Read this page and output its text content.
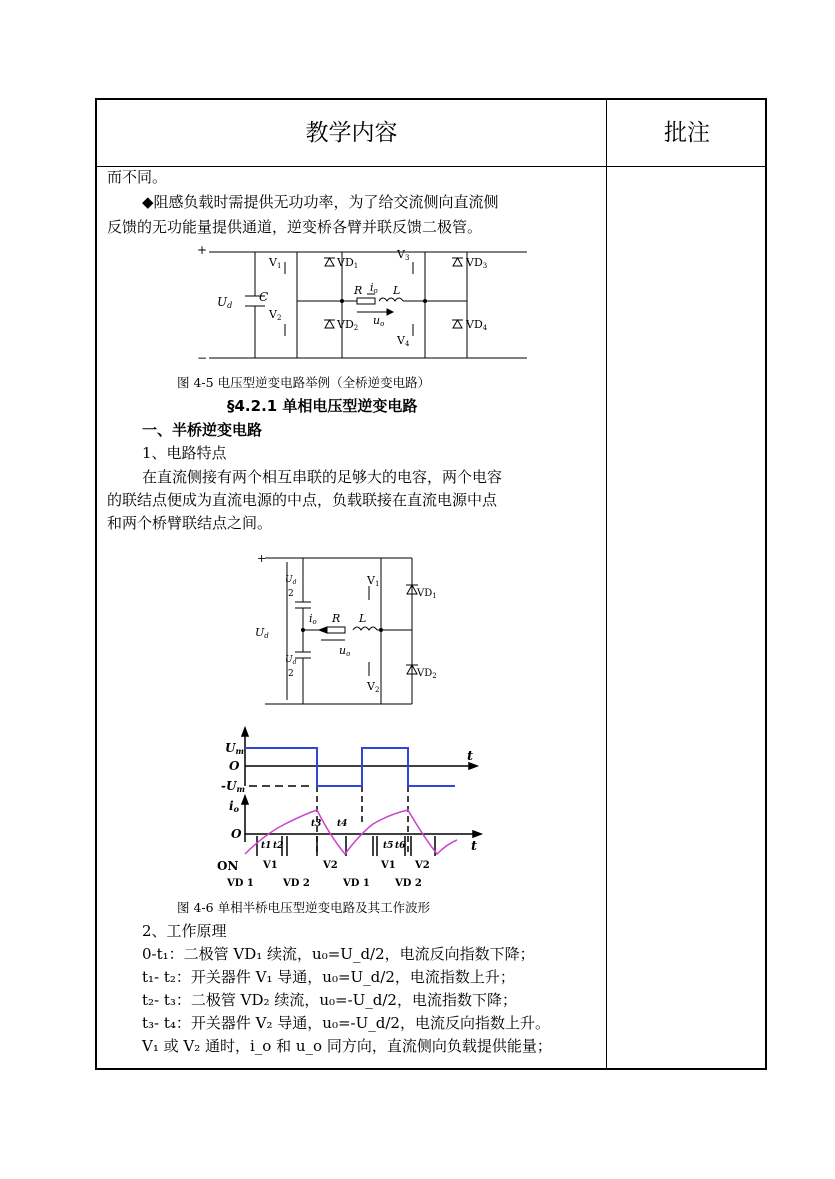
教学内容	批注
而不同。
◆阻感负载时需提供无功功率，为了给交流侧向直流侧
反馈的无功能量提供通道，逆变桥各臂并联反馈二极管。
+
−
Ud
C
V1
V2
V3
V4
VD1
VD2
VD3
VD4
R	L
io
uo
图 4-5 电压型逆变电路举例（全桥逆变电路）
§4.2.1 单相电压型逆变电路
一、半桥逆变电路
1、电路特点
在直流侧接有两个相互串联的足够大的电容，两个电容
的联结点便成为直流电源的中点，负载联接在直流电源中点
和两个桥臂联结点之间。
+
Ud
$U_d$
2
$U_d$
2
V1
V2
$VD_1$
$VD_2$
R L
io
uo
Um
O
-Um
t
io
O
t
ON
t1 t2
t3 t4
t5 t6
V1	V2	V1 V2
VD 1	VD 2	VD 1	VD 2
图 4-6 单相半桥电压型逆变电路及其工作波形
2、工作原理
0-t₁：二极管 VD₁ 续流，u₀=U_d/2，电流反向指数下降；
t₁- t₂：开关器件 V₁ 导通，u₀=U_d/2，电流指数上升；
t₂- t₃：二极管 VD₂ 续流，u₀=-U_d/2，电流指数下降；
t₃- t₄：开关器件 V₂ 导通，u₀=-U_d/2，电流反向指数上升。
V₁ 或 V₂ 通时，i_o 和 u_o 同方向，直流侧向负载提供能量；
